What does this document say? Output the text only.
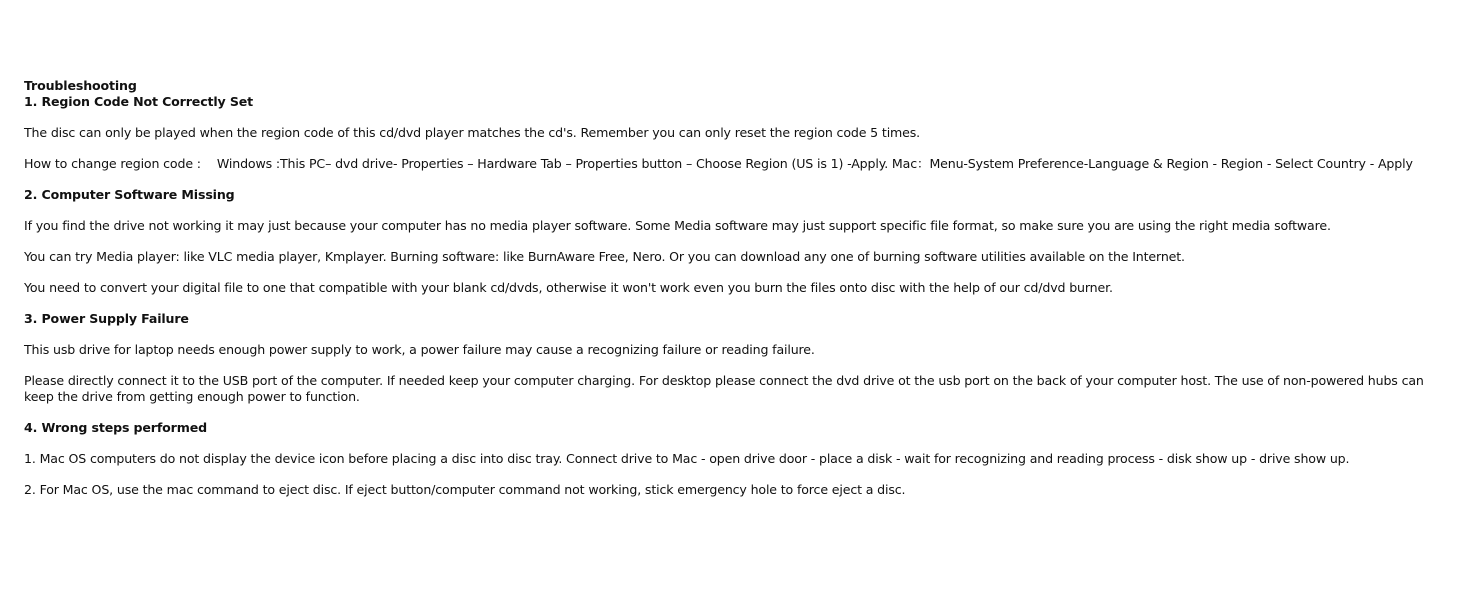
Troubleshooting

1. Region Code Not Correctly Set

The disc can only be played when the region code of this cd/dvd player matches the cd's. Remember you can only reset the region code 5 times.

How to change region code : Windows :This PC– dvd drive- Properties – Hardware Tab – Properties button – Choose Region (US is 1) -Apply. Mac：Menu-System Preference-Language & Region - Region - Select Country - Apply

2. Computer Software Missing

If you find the drive not working it may just because your computer has no media player software. Some Media software may just support specific file format, so make sure you are using the right media software.

You can try Media player: like VLC media player, Kmplayer. Burning software: like BurnAware Free, Nero. Or you can download any one of burning software utilities available on the Internet.

You need to convert your digital file to one that compatible with your blank cd/dvds, otherwise it won't work even you burn the files onto disc with the help of our cd/dvd burner.

3. Power Supply Failure

This usb drive for laptop needs enough power supply to work, a power failure may cause a recognizing failure or reading failure.

Please directly connect it to the USB port of the computer. If needed keep your computer charging. For desktop please connect the dvd drive ot the usb port on the back of your computer host. The use of non-powered hubs can keep the drive from getting enough power to function.

4. Wrong steps performed

1. Mac OS computers do not display the device icon before placing a disc into disc tray. Connect drive to Mac - open drive door - place a disk - wait for recognizing and reading process - disk show up - drive show up.

2. For Mac OS, use the mac command to eject disc. If eject button/computer command not working, stick emergency hole to force eject a disc.
